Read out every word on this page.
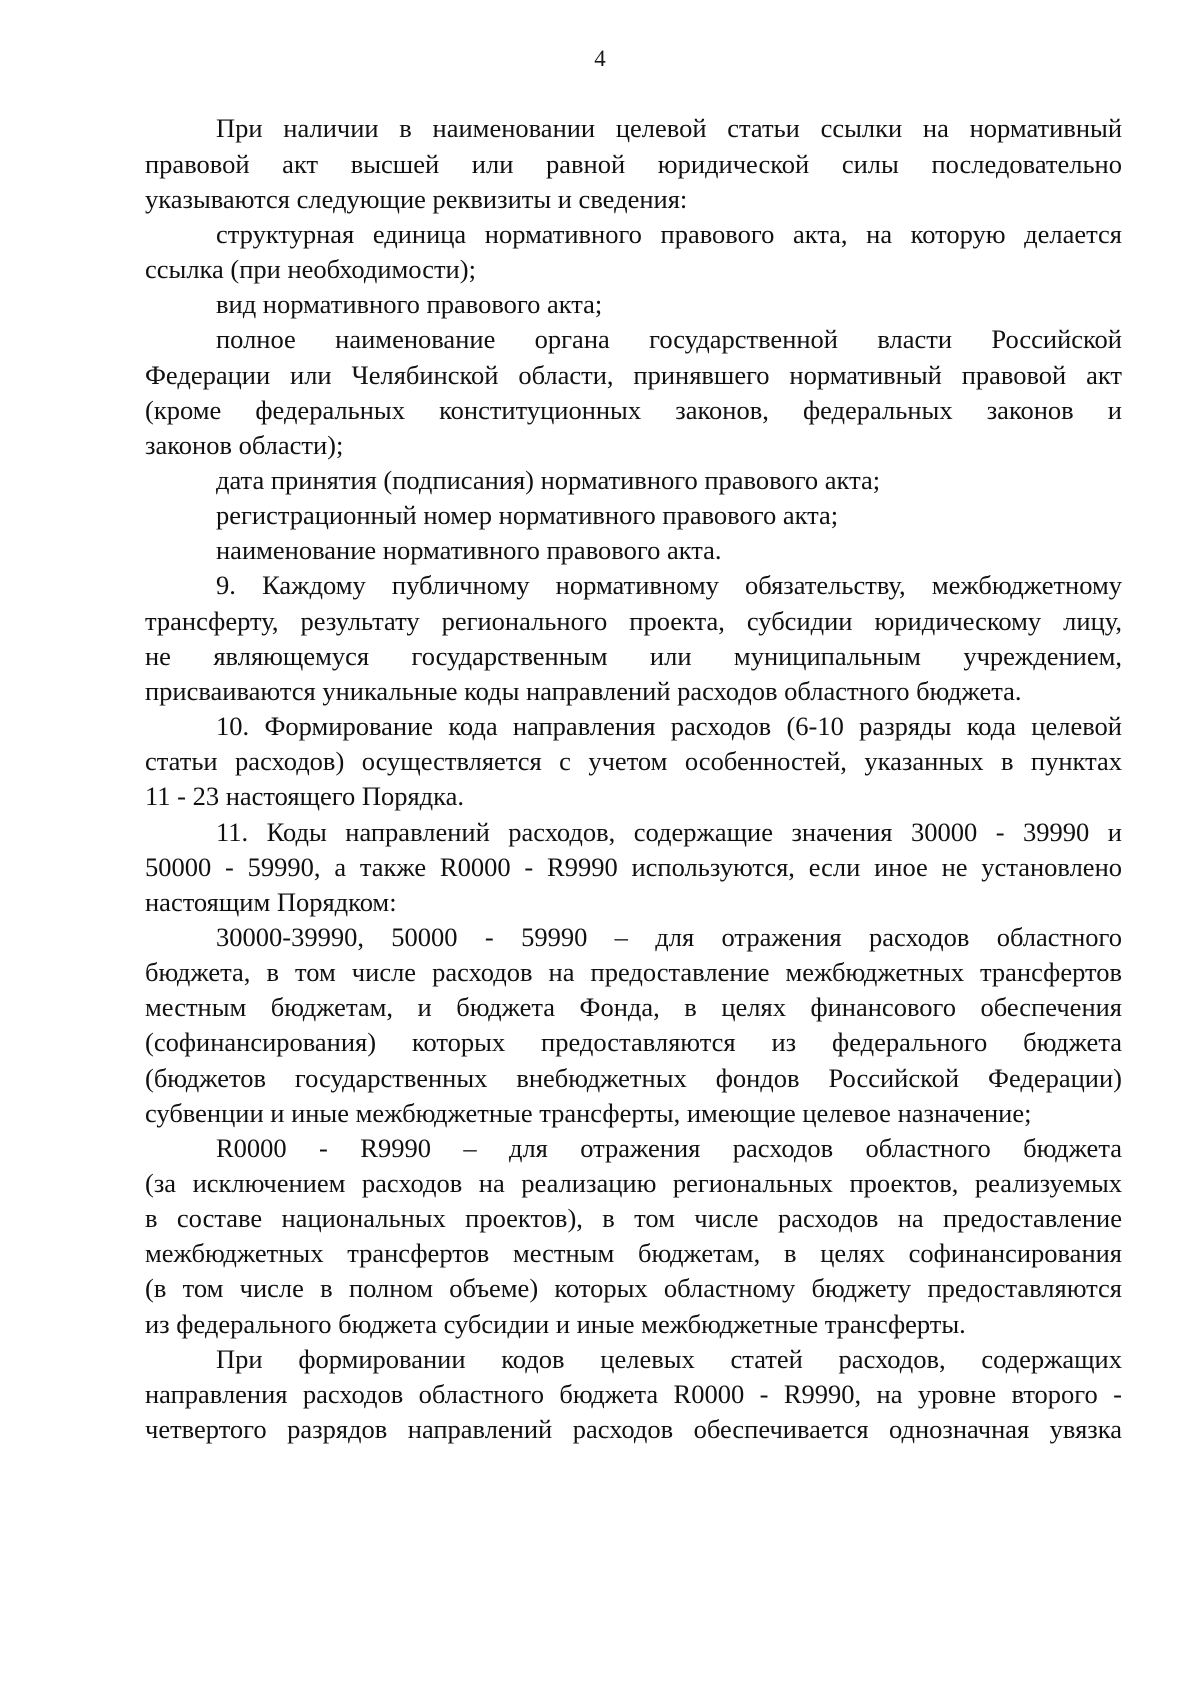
4
При наличии в наименовании целевой статьи ссылки на нормативный
правовой акт высшей или равной юридической силы последовательно
указываются следующие реквизиты и сведения:
структурная единица нормативного правового акта, на которую делается
ссылка (при необходимости);
вид нормативного правового акта;
полное наименование органа государственной власти Российской
Федерации или Челябинской области, принявшего нормативный правовой акт
(кроме федеральных конституционных законов, федеральных законов и
законов области);
дата принятия (подписания) нормативного правового акта;
регистрационный номер нормативного правового акта;
наименование нормативного правового акта.
9. Каждому публичному нормативному обязательству, межбюджетному
трансферту, результату регионального проекта, субсидии юридическому лицу,
не являющемуся государственным или муниципальным учреждением,
присваиваются уникальные коды направлений расходов областного бюджета.
10. Формирование кода направления расходов (6-10 разряды кода целевой
статьи расходов) осуществляется с учетом особенностей, указанных в пунктах
11 - 23 настоящего Порядка.
11. Коды направлений расходов, содержащие значения 30000 - 39990 и
50000 - 59990, а также R0000 - R9990 используются, если иное не установлено
настоящим Порядком:
30000-39990, 50000 - 59990 – для отражения расходов областного
бюджета, в том числе расходов на предоставление межбюджетных трансфертов
местным бюджетам, и бюджета Фонда, в целях финансового обеспечения
(софинансирования) которых предоставляются из федерального бюджета
(бюджетов государственных внебюджетных фондов Российской Федерации)
субвенции и иные межбюджетные трансферты, имеющие целевое назначение;
R0000 - R9990 – для отражения расходов областного бюджета
(за исключением расходов на реализацию региональных проектов, реализуемых
в составе национальных проектов), в том числе расходов на предоставление
межбюджетных трансфертов местным бюджетам, в целях софинансирования
(в том числе в полном объеме) которых областному бюджету предоставляются
из федерального бюджета субсидии и иные межбюджетные трансферты.
При формировании кодов целевых статей расходов, содержащих
направления расходов областного бюджета R0000 - R9990, на уровне второго -
четвертого разрядов направлений расходов обеспечивается однозначная увязка
